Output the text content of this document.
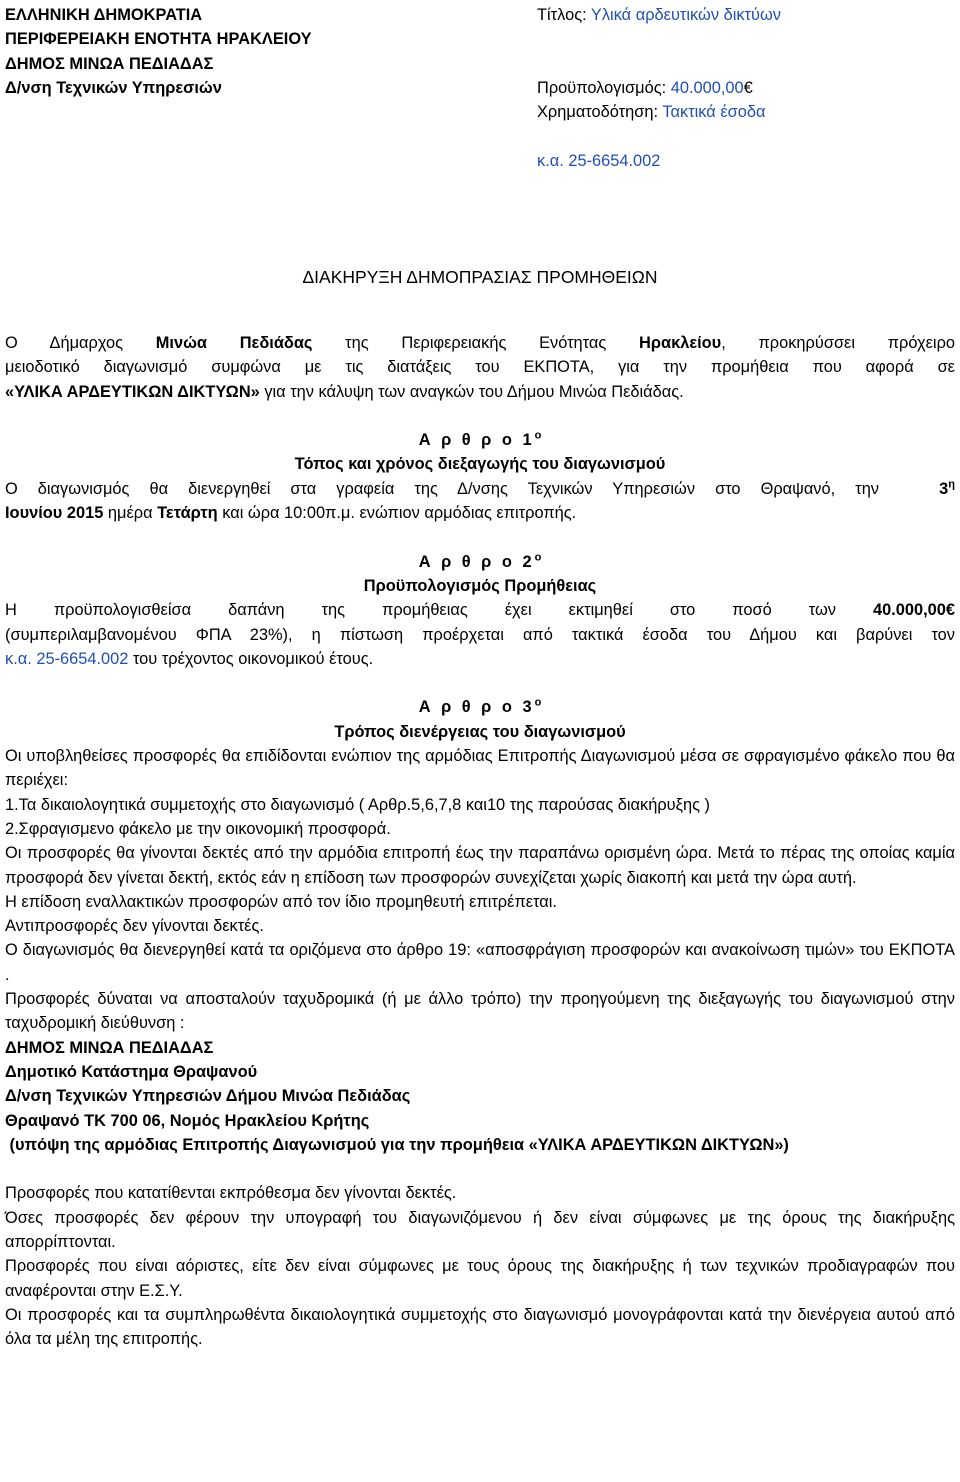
ΕΛΛΗΝΙΚΗ ΔΗΜΟΚΡΑΤΙΑ
ΠΕΡΙΦΕΡΕΙΑΚΗ ΕΝΟΤΗΤΑ ΗΡΑΚΛΕΙΟΥ
ΔΗΜΟΣ ΜΙΝΩΑ ΠΕΔΙΑΔΑΣ
Δ/νση Τεχνικών Υπηρεσιών
Τίτλος: Υλικά αρδευτικών δικτύων
Προϋπολογισμός: 40.000,00€
Χρηματοδότηση: Τακτικά έσοδα
κ.α. 25-6654.002
ΔΙΑΚΗΡΥΞΗ ΔΗΜΟΠΡΑΣΙΑΣ ΠΡΟΜΗΘΕΙΩΝ

Ο Δήμαρχος Μινώα Πεδιάδας της Περιφερειακής Ενότητας Ηρακλείου, προκηρύσσει πρόχειρο

μειοδοτικό διαγωνισμό συμφώνα με τις διατάξεις του ΕΚΠΟΤΑ, για την προμήθεια που αφορά σε

«ΥΛΙΚΑ ΑΡΔΕΥΤΙΚΩΝ ΔΙΚΤΥΩΝ» για την κάλυψη των αναγκών του Δήμου Μινώα Πεδιάδας.

Α ρ θ ρ ο $1^o$

Τόπος και χρόνος διεξαγωγής του διαγωνισμού

Ο διαγωνισμός θα διενεργηθεί στα γραφεία της Δ/νσης Τεχνικών Υπηρεσιών στο Θραψανό, την	$3^\eta$

Ιουνίου 2015 ημέρα Τετάρτη και ώρα 10:00π.μ. ενώπιον αρμόδιας επιτροπής.

Α ρ θ ρ ο $2^o$

Προϋπολογισμός Προμήθειας

Η προϋπολογισθείσα δαπάνη της προμήθειας έχει εκτιμηθεί στο ποσό των 40.000,00€

(συμπεριλαμβανομένου ΦΠΑ 23%), η πίστωση προέρχεται από τακτικά έσοδα του Δήμου και βαρύνει τον

κ.α. 25-6654.002 του τρέχοντος οικονομικού έτους.

Α ρ θ ρ ο $3^o$

Τρόπος διενέργειας του διαγωνισμού

Οι υποβληθείσες προσφορές θα επιδίδονται ενώπιον της αρμόδιας Επιτροπής Διαγωνισμού μέσα σε σφραγισμένο φάκελο που θα περιέχει:

1.Τα δικαιολογητικά συμμετοχής στο διαγωνισμό ( Αρθρ.5,6,7,8 και10 της παρούσας διακήρυξης )

2.Σφραγισμενο φάκελο με την οικονομική προσφορά.

Οι προσφορές θα γίνονται δεκτές από την αρμόδια επιτροπή έως την παραπάνω ορισμένη ώρα. Μετά το πέρας της οποίας καμία προσφορά δεν γίνεται δεκτή, εκτός εάν η επίδοση των προσφορών συνεχίζεται χωρίς διακοπή και μετά την ώρα αυτή.

Η επίδοση εναλλακτικών προσφορών από τον ίδιο προμηθευτή επιτρέπεται.

Αντιπροσφορές δεν γίνονται δεκτές.

Ο διαγωνισμός θα διενεργηθεί κατά τα οριζόμενα στο άρθρο 19: «αποσφράγιση προσφορών και ανακοίνωση τιμών» του ΕΚΠΟΤΑ .

Προσφορές δύναται να αποσταλούν ταχυδρομικά (ή με άλλο τρόπο) την προηγούμενη της διεξαγωγής του διαγωνισμού στην ταχυδρομική διεύθυνση :

ΔΗΜΟΣ ΜΙΝΩΑ ΠΕΔΙΑΔΑΣ

Δημοτικό Κατάστημα Θραψανού

Δ/νση Τεχνικών Υπηρεσιών Δήμου Μινώα Πεδιάδας

Θραψανό ΤΚ 700 06, Νομός Ηρακλείου Κρήτης

(υπόψη της αρμόδιας Επιτροπής Διαγωνισμού για την προμήθεια «ΥΛΙΚΑ ΑΡΔΕΥΤΙΚΩΝ ΔΙΚΤΥΩΝ»)

Προσφορές που κατατίθενται εκπρόθεσμα δεν γίνονται δεκτές.

Όσες προσφορές δεν φέρουν την υπογραφή του διαγωνιζόμενου ή δεν είναι σύμφωνες με της όρους της διακήρυξης απορρίπτονται.

Προσφορές που είναι αόριστες, είτε δεν είναι σύμφωνες με τους όρους της διακήρυξης ή των τεχνικών προδιαγραφών που αναφέρονται στην Ε.Σ.Υ.

Οι προσφορές και τα συμπληρωθέντα δικαιολογητικά συμμετοχής στο διαγωνισμό μονογράφονται κατά την διενέργεια αυτού από όλα τα μέλη της επιτροπής.
